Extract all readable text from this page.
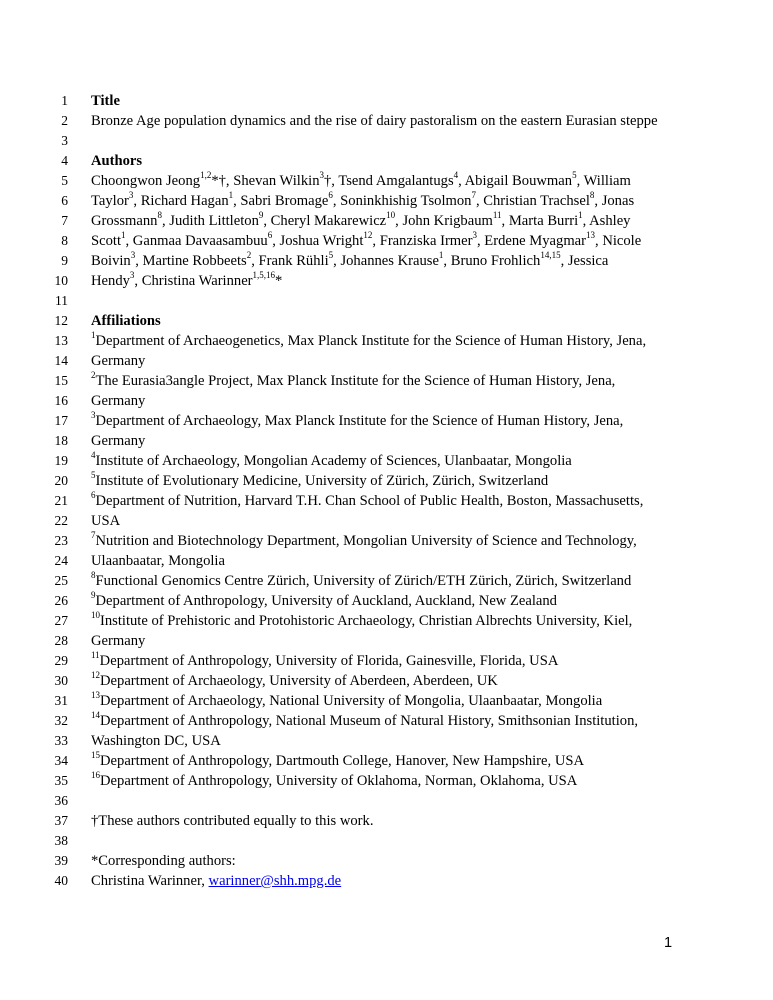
1 Title
2 Bronze Age population dynamics and the rise of dairy pastoralism on the eastern Eurasian steppe
3
4 Authors
5 Choongwon Jeong$^{1,2}$*†, Shevan Wilkin$^3$†, Tsend Amgalantugs$^4$, Abigail Bouwman$^5$, William
6 Taylor$^3$, Richard Hagan$^1$, Sabri Bromage$^6$, Soninkhishig Tsolmon$^7$, Christian Trachsel$^8$, Jonas
7 Grossmann$^8$, Judith Littleton$^9$, Cheryl Makarewicz$^{10}$, John Krigbaum$^{11}$, Marta Burri$^1$, Ashley
8 Scott$^1$, Ganmaa Davaasambuu$^6$, Joshua Wright$^{12}$, Franziska Irmer$^3$, Erdene Myagmar$^{13}$, Nicole
9 Boivin$^3$, Martine Robbeets$^2$, Frank Rühli$^5$, Johannes Krause$^1$, Bruno Frohlich$^{14,15}$, Jessica
10 Hendy$^3$, Christina Warinner$^{1,5,16}$*
11
12 Affiliations
13	$^1$Department of Archaeogenetics, Max Planck Institute for the Science of Human History, Jena,
14 Germany
15	$^2$The Eurasia3angle Project, Max Planck Institute for the Science of Human History, Jena,
16 Germany
17	$^3$Department of Archaeology, Max Planck Institute for the Science of Human History, Jena,
18 Germany
19	$^4$Institute of Archaeology, Mongolian Academy of Sciences, Ulanbaatar, Mongolia
20	$^5$Institute of Evolutionary Medicine, University of Zürich, Zürich, Switzerland
21	$^6$Department of Nutrition, Harvard T.H. Chan School of Public Health, Boston, Massachusetts,
22 USA
23	$^7$Nutrition and Biotechnology Department, Mongolian University of Science and Technology,
24 Ulaanbaatar, Mongolia
25	$^8$Functional Genomics Centre Zürich, University of Zürich/ETH Zürich, Zürich, Switzerland
26	$^9$Department of Anthropology, University of Auckland, Auckland, New Zealand
27	$^{10}$Institute of Prehistoric and Protohistoric Archaeology, Christian Albrechts University, Kiel,
28 Germany
29	$^{11}$Department of Anthropology, University of Florida, Gainesville, Florida, USA
30	$^{12}$Department of Archaeology, University of Aberdeen, Aberdeen, UK
31	$^{13}$Department of Archaeology, National University of Mongolia, Ulaanbaatar, Mongolia
32	$^{14}$Department of Anthropology, National Museum of Natural History, Smithsonian Institution,
33 Washington DC, USA
34	$^{15}$Department of Anthropology, Dartmouth College, Hanover, New Hampshire, USA
35	$^{16}$Department of Anthropology, University of Oklahoma, Norman, Oklahoma, USA
36
37 †These authors contributed equally to this work.
38
39 *Corresponding authors:
40 Christina Warinner, warinner@shh.mpg.de
1
